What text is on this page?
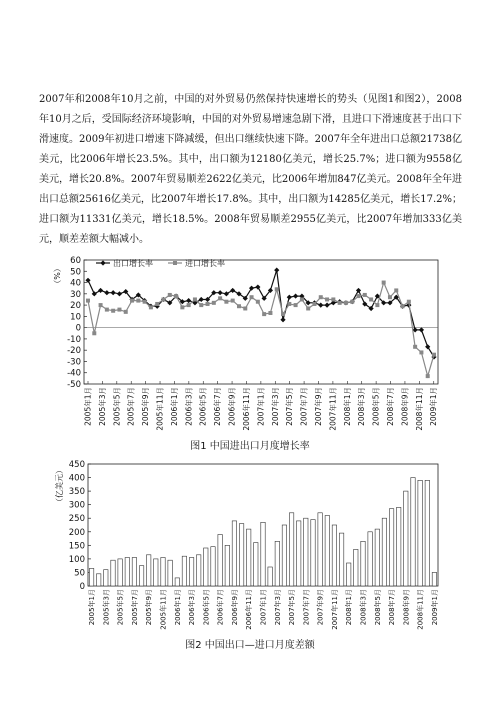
2007年和2008年10月之前，中国的对外贸易仍然保持快速增长的势头（见图1和图2），2008年10月之后，受国际经济环境影响，中国的对外贸易增速急剧下滑，且进口下滑速度甚于出口下滑速度。2009年初进口增速下降减缓，但出口继续快速下降。2007年全年进出口总额21738亿美元，比2006年增长23.5%。其中，出口额为12180亿美元，增长25.7%；进口额为9558亿美元，增长20.8%。2007年贸易顺差2622亿美元，比2006年增加847亿美元。2008年全年进出口总额25616亿美元，比2007年增长17.8%。其中，出口额为14285亿美元，增长17.2%；进口额为11331亿美元，增长18.5%。2008年贸易顺差2955亿美元，比2007年增加333亿美元，顺差差额大幅减小。

60
50
40
30
20
10
0
-10
-20
-30
-40
-50
（%）
出口增长率	进口增长率
2005年1月 2005年3月 2005年5月 2005年7月 2005年9月 2005年11月 2006年1月 2006年3月 2006年5月 2006年7月 2006年9月 2006年11月 2007年1月 2007年3月 2007年5月 2007年7月 2007年9月 2007年11月 2008年1月 2008年3月 2008年5月 2008年7月 2008年9月 2008年11月 2009年1月
图1 中国进出口月度增长率
450
400
350
300
250
200
150
100
50
0
（亿美元）
2005年1月 2005年3月 2005年5月 2005年7月 2005年9月 2005年11月 2006年1月 2006年3月 2006年5月 2006年7月 2006年9月 2006年11月 2007年1月 2007年3月 2007年5月 2007年7月 2007年9月 2007年11月 2008年1月 2008年3月 2008年5月 2008年7月 2008年9月 2008年11月 2009年1月
图2 中国出口—进口月度差额
